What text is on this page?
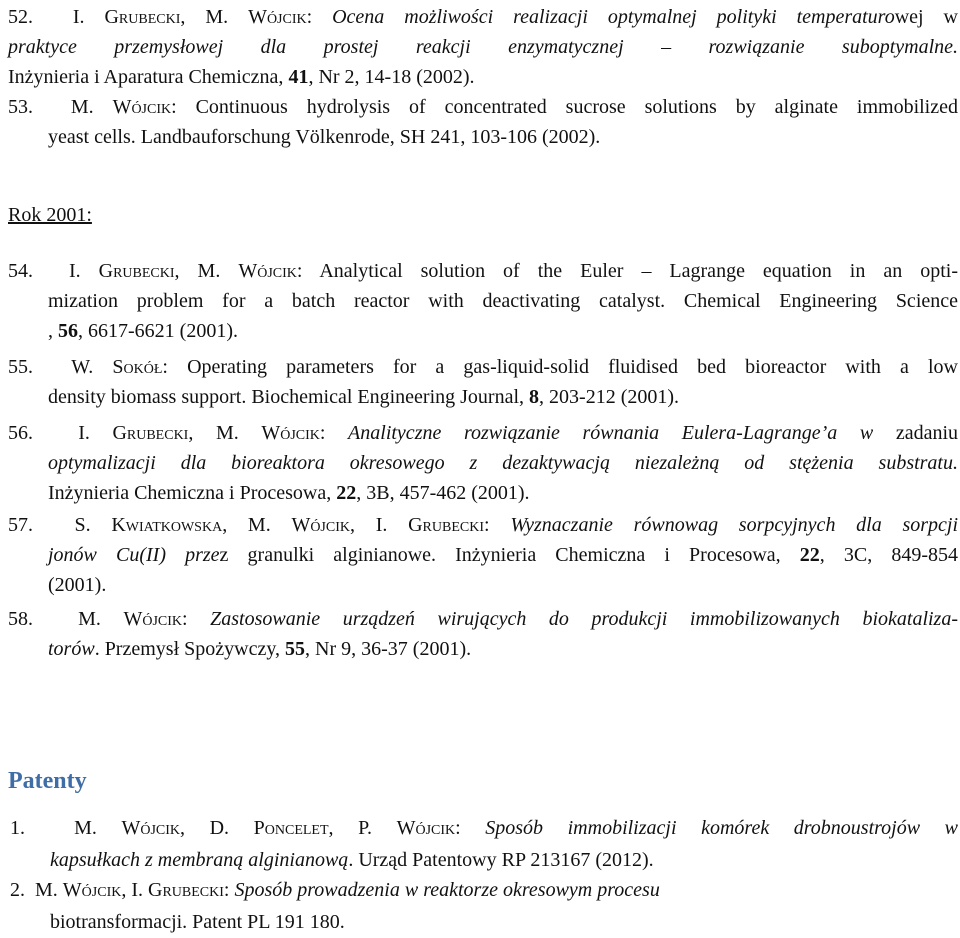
52.  I. Grubecki, M. Wójcik: Ocena możliwości realizacji optymalnej polityki temperaturowej w
praktyce przemysłowej dla prostej reakcji enzymatycznej – rozwiązanie suboptymalne.
Inżynieria i Aparatura Chemiczna, 41, Nr 2, 14-18 (2002).
53.  M. Wójcik: Continuous hydrolysis of concentrated sucrose solutions by alginate immobilized
yeast cells. Landbauforschung Völkenrode, SH 241, 103-106 (2002).
Rok 2001:
54.  I. Grubecki, M. Wójcik: Analytical solution of the Euler – Lagrange equation in an opti-
mization problem for a batch reactor with deactivating catalyst. Chemical Engineering Science
, 56, 6617-6621 (2001).
55.  W. Sokół: Operating parameters for a gas-liquid-solid fluidised bed bioreactor with a low
density biomass support. Biochemical Engineering Journal, 8, 203-212 (2001).
56.  I. Grubecki, M. Wójcik: Analityczne rozwiązanie równania Eulera-Lagrange’a w zadaniu
optymalizacji dla bioreaktora okresowego z dezaktywacją niezależną od stężenia substratu.
Inżynieria Chemiczna i Procesowa, 22, 3B, 457-462 (2001).
57.  S. Kwiatkowska, M. Wójcik, I. Grubecki: Wyznaczanie równowag sorpcyjnych dla sorpcji
jonów Cu(II) przez granulki alginianowe. Inżynieria Chemiczna i Procesowa, 22, 3C, 849-854
(2001).
58.  M. Wójcik: Zastosowanie urządzeń wirujących do produkcji immobilizowanych biokataliza-
torów. Przemysł Spożywczy, 55, Nr 9, 36-37 (2001).
Patenty
1.  M. Wójcik, D. Poncelet, P. Wójcik: Sposób immobilizacji komórek drobnoustrojów w
kapsułkach z membraną alginianową. Urząd Patentowy RP 213167 (2012).
2.  M. Wójcik, I. Grubecki: Sposób prowadzenia w reaktorze okresowym procesu
biotransformacji. Patent PL 191 180.
